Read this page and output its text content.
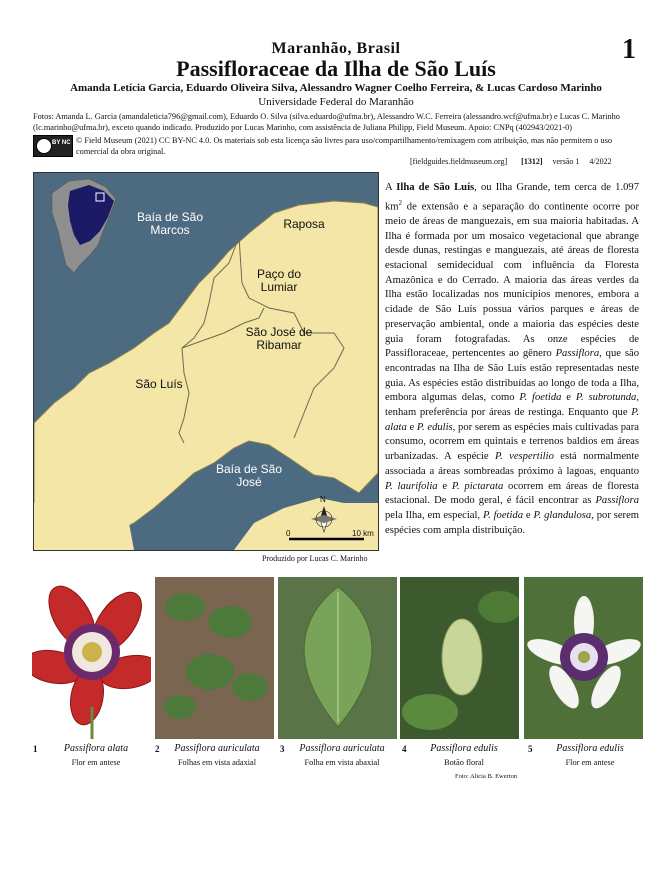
1
Maranhão, Brasil
Passifloraceae da Ilha de São Luís
Amanda Letícia Garcia, Eduardo Oliveira Silva, Alessandro Wagner Coelho Ferreira, & Lucas Cardoso Marinho
Universidade Federal do Maranhão
Fotos: Amanda L. Garcia (amandaleticia796@gmail.com), Eduardo O. Silva (silva.eduardo@ufma.br), Alessandro W.C. Ferreira (alessandro.wcf@ufma.br) e Lucas C. Marinho (lc.marinho@ufma.br), exceto quando indicado. Produzido por Lucas Marinho, com assistência de Juliana Philipp, Field Museum. Apoio: CNPq (402943/2021-0)
BY NC © Field Museum (2021) CC BY-NC 4.0. Os materiais sob esta licença são livres para uso/compartilhamento/remixagem com atribuição, mas não permitem o uso comercial da obra original.
[fieldguides.fieldmuseum.org] [1312] versão 1 4/2022
Baía de São Marcos	Raposa
Paço do Lumiar
São José de Ribamar
São Luís
Baía de São José
N
0	10 km
Produzido por Lucas C. Marinho
A Ilha de São Luís, ou Ilha Grande, tem cerca de 1.097 $km^2$ de extensão e a separação do continente ocorre por meio de áreas de manguezais, em sua maioria habitadas. A Ilha é formada por um mosaico vegetacional que abrange desde dunas, restingas e manguezais, até áreas de floresta estacional semidecidual com influência da Floresta Amazônica e do Cerrado. A maioria das áreas verdes da Ilha estão localizadas nos municípios menores, embora a cidade de São Luís possua vários parques e áreas de preservação ambiental, onde a maioria das espécies deste guia foram fotografadas. As onze espécies de Passifloraceae, pertencentes ao gênero Passiflora, que são encontradas na Ilha de São Luís estão representadas neste guia. As espécies estão distribuídas ao longo de toda a Ilha, embora algumas delas, como P. foetida e P. subrotunda, tenham preferência por áreas de restinga. Enquanto que P. alata e P. edulis, por serem as espécies mais cultivadas para consumo, ocorrem em quintais e terrenos baldios em áreas urbanizadas. A espécie P. vespertilio está normalmente associada a áreas sombreadas próximo à lagoas, enquanto P. laurifolia e P. pictarata ocorrem em áreas de floresta estacional. De modo geral, é fácil encontrar as Passiflora pela Ilha, em especial, P. foetida e P. glandulosa, por serem espécies com ampla distribuição.
1	Passiflora alata
Flor em antese
2	Passiflora auriculata
Folhas em vista adaxial
3	Passiflora auriculata
Folha em vista abaxial
4	Passiflora edulis
Botão floral
5	Passiflora edulis
Flor em antese
Foto: Alicia B. Ewerton
